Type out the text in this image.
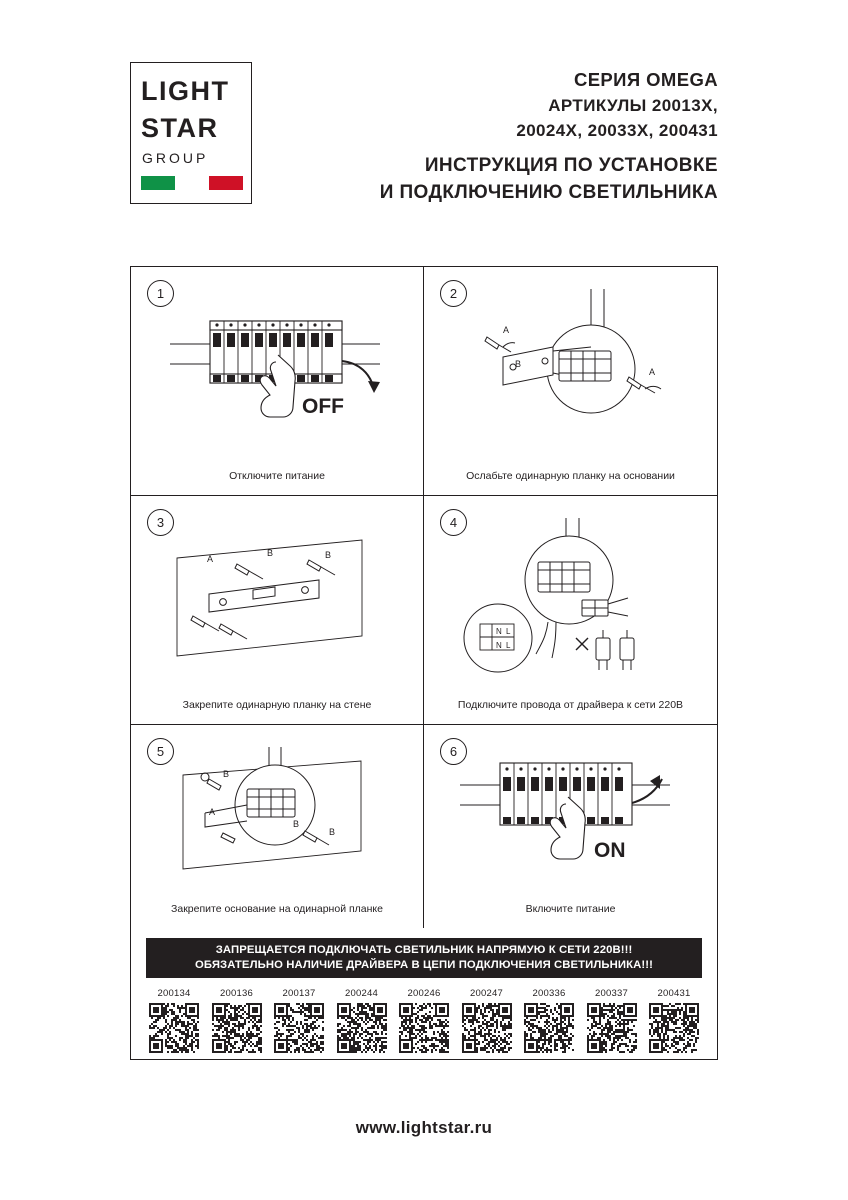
LIGHT
STAR
GROUP
СЕРИЯ OMEGA
АРТИКУЛЫ 20013Х,
20024Х, 20033Х, 200431
ИНСТРУКЦИЯ ПО УСТАНОВКЕ
И ПОДКЛЮЧЕНИЮ СВЕТИЛЬНИКА
1
OFF
Отключите питание
2
A
B
A
Ослабьте одинарную планку на основании
3
A
B	B
Закрепите одинарную планку на стене
4
N L
N L
Подключите провода от драйвера к сети 220В
5
B
A
B
B
Закрепите основание на одинарной планке
6
ON
Включите питание
ЗАПРЕЩАЕТСЯ ПОДКЛЮЧАТЬ СВЕТИЛЬНИК НАПРЯМУЮ К СЕТИ 220В!!!
ОБЯЗАТЕЛЬНО НАЛИЧИЕ ДРАЙВЕРА В ЦЕПИ ПОДКЛЮЧЕНИЯ СВЕТИЛЬНИКА!!!
200134	200136	200137	200244	200246	200247	200336	200337	200431
www.lightstar.ru
